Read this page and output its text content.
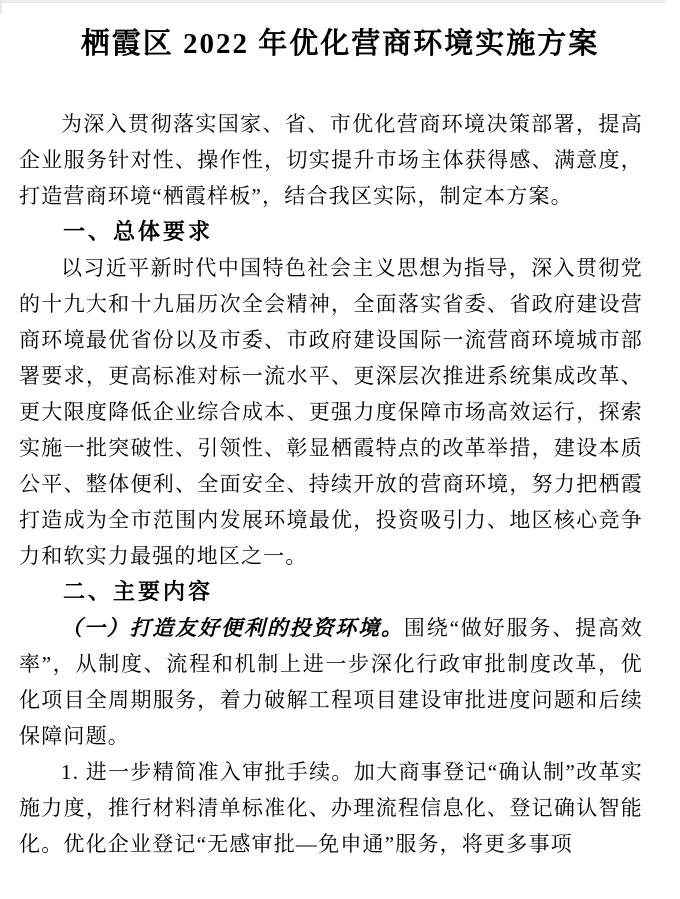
栖霞区 2022 年优化营商环境实施方案

为深入贯彻落实国家、省、市优化营商环境决策部署，提高企业服务针对性、操作性，切实提升市场主体获得感、满意度，打造营商环境“栖霞样板”，结合我区实际，制定本方案。

一、总体要求

以习近平新时代中国特色社会主义思想为指导，深入贯彻党的十九大和十九届历次全会精神，全面落实省委、省政府建设营商环境最优省份以及市委、市政府建设国际一流营商环境城市部署要求，更高标准对标一流水平、更深层次推进系统集成改革、更大限度降低企业综合成本、更强力度保障市场高效运行，探索实施一批突破性、引领性、彰显栖霞特点的改革举措，建设本质公平、整体便利、全面安全、持续开放的营商环境，努力把栖霞打造成为全市范围内发展环境最优，投资吸引力、地区核心竞争力和软实力最强的地区之一。

二、主要内容

（一）打造友好便利的投资环境。围绕“做好服务、提高效率”，从制度、流程和机制上进一步深化行政审批制度改革，优化项目全周期服务，着力破解工程项目建设审批进度问题和后续保障问题。

1. 进一步精简准入审批手续。加大商事登记“确认制”改革实施力度，推行材料清单标准化、办理流程信息化、登记确认智能化。优化企业登记“无感审批—免申通”服务，将更多事项
